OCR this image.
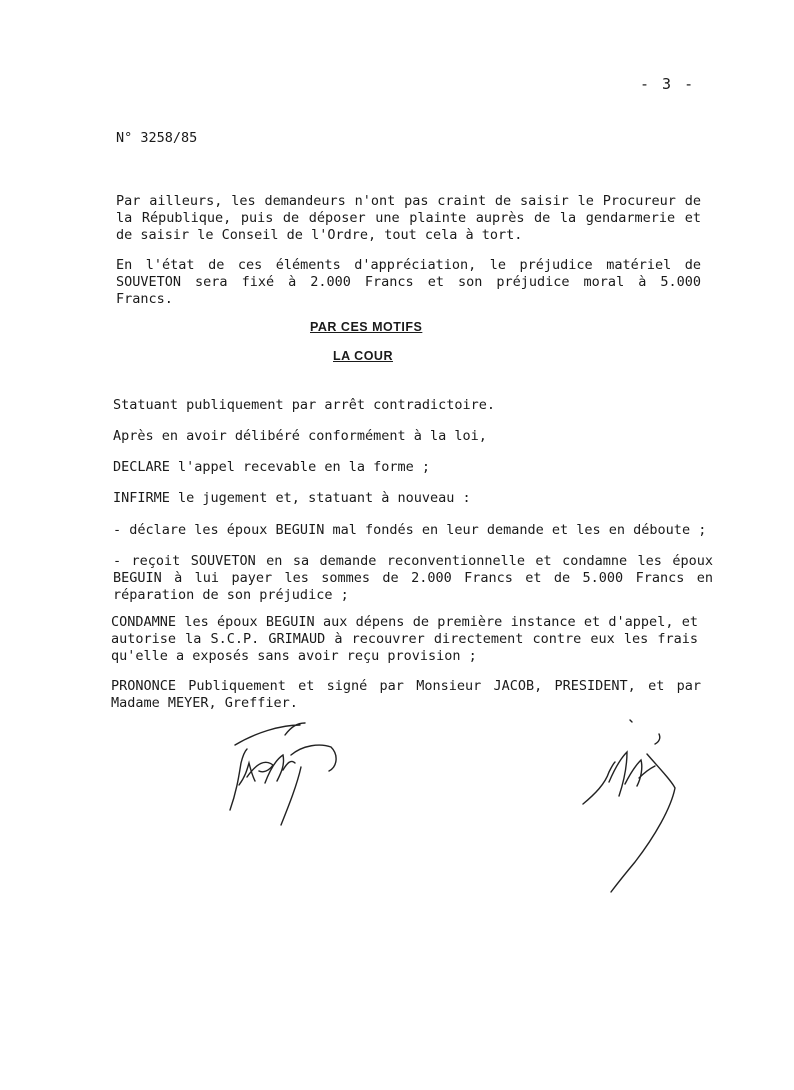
- 3 -
N° 3258/85

Par ailleurs, les demandeurs n'ont pas craint de saisir le Procureur de la République, puis de déposer une plainte auprès de la gendarmerie et de saisir le Conseil de l'Ordre, tout cela à tort.

En l'état de ces éléments d'appréciation, le préjudice matériel de SOUVETON sera fixé à 2.000 Francs et son préjudice moral à 5.000 Francs.

PAR CES MOTIFS
LA COUR

Statuant publiquement par arrêt contradictoire.

Après en avoir délibéré conformément à la loi,

DECLARE l'appel recevable en la forme ;

INFIRME le jugement et, statuant à nouveau :

- déclare les époux BEGUIN mal fondés en leur demande et les en déboute ;

- reçoit SOUVETON en sa demande reconventionnelle et condamne les époux BEGUIN à lui payer les sommes de 2.000 Francs et de 5.000 Francs en réparation de son préjudice ;

CONDAMNE les époux BEGUIN aux dépens de première instance et d'appel, et autorise la S.C.P. GRIMAUD à recouvrer directement contre eux les frais qu'elle a exposés sans avoir reçu provision ;

PRONONCE Publiquement et signé par Monsieur JACOB, PRESIDENT, et par Madame MEYER, Greffier.
